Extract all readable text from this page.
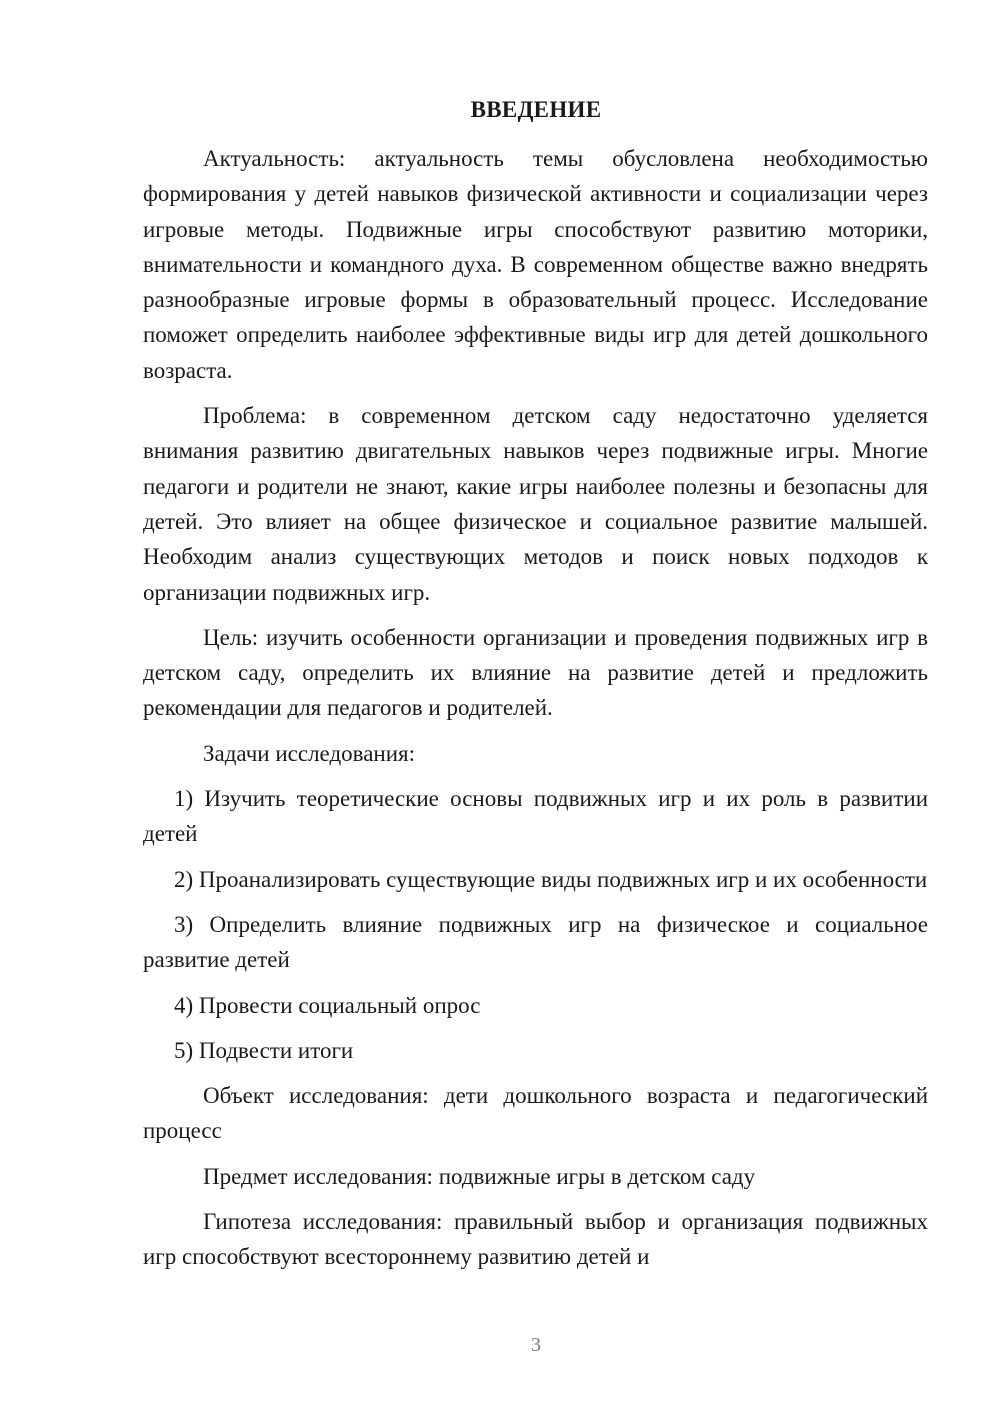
ВВЕДЕНИЕ

Актуальность: актуальность темы обусловлена необходимостью формирования у детей навыков физической активности и социализации через игровые методы. Подвижные игры способствуют развитию моторики, внимательности и командного духа. В современном обществе важно внедрять разнообразные игровые формы в образовательный процесс. Исследование поможет определить наиболее эффективные виды игр для детей дошкольного возраста.

Проблема: в современном детском саду недостаточно уделяется внимания развитию двигательных навыков через подвижные игры. Многие педагоги и родители не знают, какие игры наиболее полезны и безопасны для детей. Это влияет на общее физическое и социальное развитие малышей. Необходим анализ существующих методов и поиск новых подходов к организации подвижных игр.

Цель: изучить особенности организации и проведения подвижных игр в детском саду, определить их влияние на развитие детей и предложить рекомендации для педагогов и родителей.

Задачи исследования:

1) Изучить теоретические основы подвижных игр и их роль в развитии детей

2) Проанализировать существующие виды подвижных игр и их особенности

3) Определить влияние подвижных игр на физическое и социальное развитие детей

4) Провести социальный опрос

5) Подвести итоги

Объект исследования: дети дошкольного возраста и педагогический процесс

Предмет исследования: подвижные игры в детском саду

Гипотеза исследования: правильный выбор и организация подвижных игр способствуют всестороннему развитию детей и

3
